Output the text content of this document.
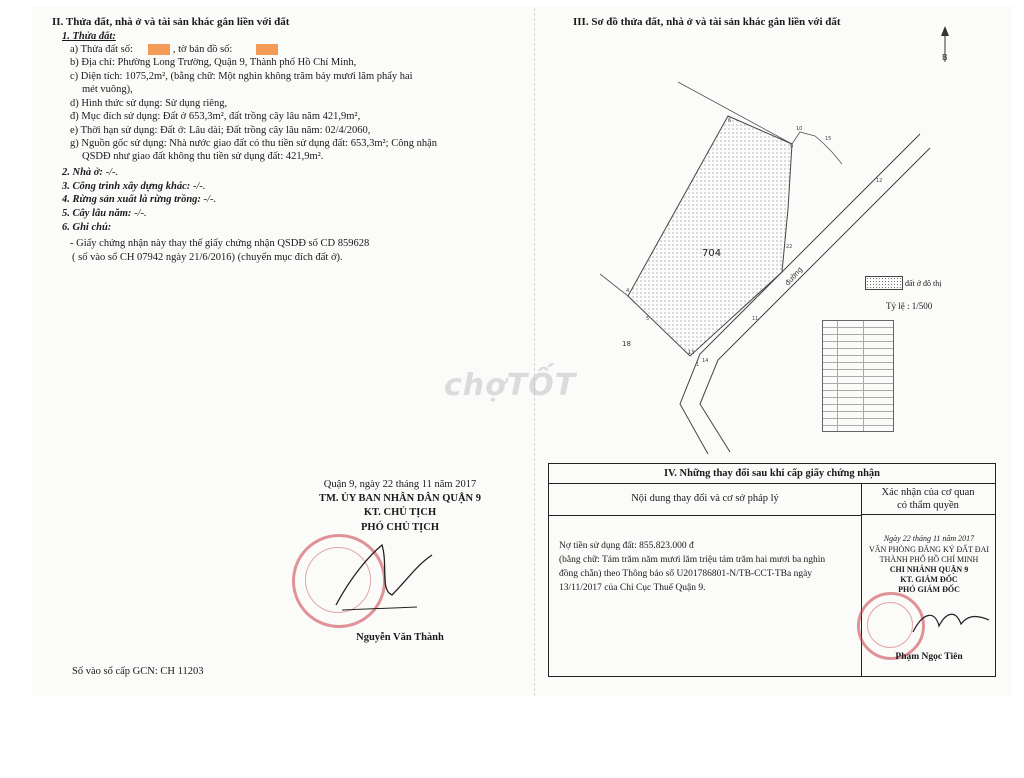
II. Thửa đất, nhà ở và tài sản khác gắn liền với đất
1. Thửa đất:
a) Thửa đất số:	, tờ bản đồ số:
b) Địa chỉ: Phường Long Trường, Quận 9, Thành phố Hồ Chí Minh,
c) Diện tích: 1075,2m², (bằng chữ: Một nghìn không trăm bảy mươi lăm phẩy hai
mét vuông),
d) Hình thức sử dụng: Sử dụng riêng,
đ) Mục đích sử dụng: Đất ở 653,3m², đất trồng cây lâu năm 421,9m²,
e) Thời hạn sử dụng: Đất ở: Lâu dài; Đất trồng cây lâu năm: 02/4/2060,
g) Nguồn gốc sử dụng: Nhà nước giao đất có thu tiền sử dụng đất: 653,3m²; Công nhận
QSDĐ như giao đất không thu tiền sử dụng đất: 421,9m².
2. Nhà ở: -/-.
3. Công trình xây dựng khác: -/-.
4. Rừng sản xuất là rừng trồng: -/-.
5. Cây lâu năm: -/-.
6. Ghi chú:
- Giấy chứng nhận này thay thế giấy chứng nhận QSDĐ số CD 859628
( số vào sổ CH 07942 ngày 21/6/2016) (chuyển mục đích đất ở).
Quận 9, ngày 22 tháng 11 năm 2017
TM. ỦY BAN NHÂN DÂN QUẬN 9
KT. CHỦ TỊCH
PHÓ CHỦ TỊCH
Nguyễn Văn Thành
Số vào sổ cấp GCN: CH 11203
III. Sơ đồ thửa đất, nhà ở và tài sản khác gắn liền với đất
B
704
đường
18
6
10
15
12
9
22
11
4
5
14
13
1
đất ở đô thị
Tỷ lệ : 1/500
chợTỐT
IV. Những thay đổi sau khi cấp giấy chứng nhận
Nội dung thay đổi và cơ sở pháp lý
Xác nhận của cơ quan
có thẩm quyền
Nợ tiền sử dụng đất: 855.823.000 đ
(bằng chữ: Tám trăm năm mươi lăm triệu tám trăm hai mươi ba nghìn
đồng chẵn) theo Thông báo số U201786801-N/TB-CCT-TBa ngày
13/11/2017 của Chi Cục Thuế Quận 9.
Ngày 22 tháng 11 năm 2017
VĂN PHÒNG ĐĂNG KÝ ĐẤT ĐAI
THÀNH PHỐ HỒ CHÍ MINH
CHI NHÁNH QUẬN 9
KT. GIÁM ĐỐC
PHÓ GIÁM ĐỐC
Phạm Ngọc Tiên
